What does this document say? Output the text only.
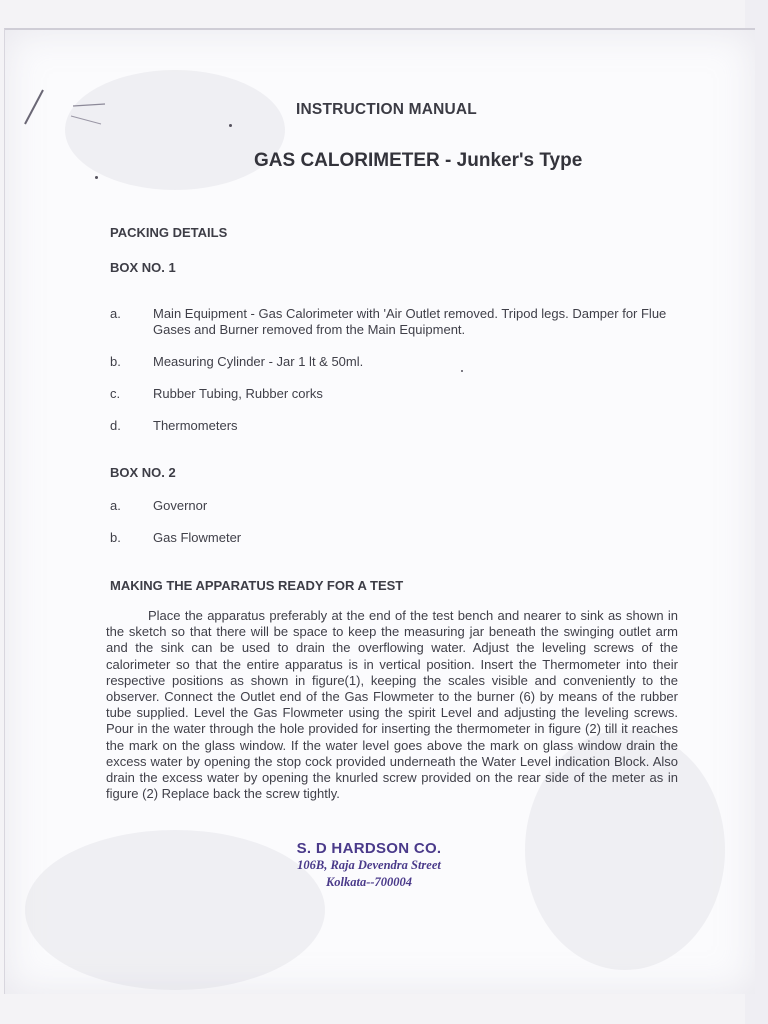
INSTRUCTION MANUAL
GAS CALORIMETER - Junker's Type
PACKING DETAILS
BOX NO. 1
a. Main Equipment - Gas Calorimeter with 'Air Outlet removed. Tripod legs. Damper for Flue Gases and Burner removed from the Main Equipment.
b. Measuring Cylinder - Jar 1 lt & 50ml.
c.	Rubber Tubing, Rubber corks
d. Thermometers
BOX NO. 2
a. Governor
b. Gas Flowmeter
MAKING THE APPARATUS READY FOR A TEST
Place the apparatus preferably at the end of the test bench and nearer to sink as shown in the sketch so that there will be space to keep the measuring jar beneath the swinging outlet arm and the sink can be used to drain the overflowing water. Adjust the leveling screws of the calorimeter so that the entire apparatus is in vertical position. Insert the Thermometer into their respective positions as shown in figure(1), keeping the scales visible and conveniently to the observer. Connect the Outlet end of the Gas Flowmeter to the burner (6) by means of the rubber tube supplied. Level the Gas Flowmeter using the spirit Level and adjusting the leveling screws. Pour in the water through the hole provided for inserting the thermometer in figure (2) till it reaches the mark on the glass window. If the water level goes above the mark on glass window drain the excess water by opening the stop cock provided underneath the Water Level indication Block. Also drain the excess water by opening the knurled screw provided on the rear side of the meter as in figure (2) Replace back the screw tightly.
S. D HARDSON CO.
106B, Raja Devendra Street
Kolkata--700004
